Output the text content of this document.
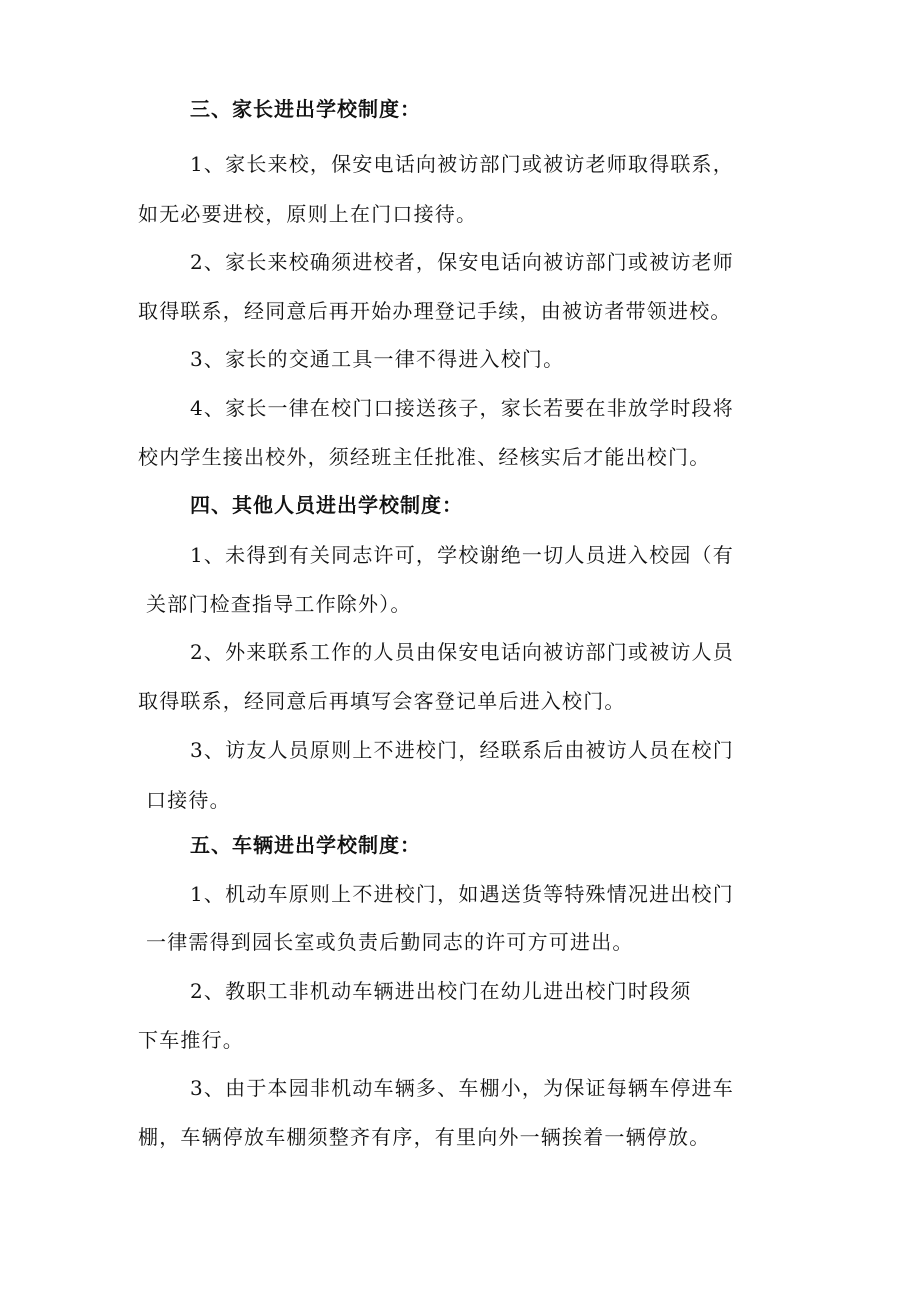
三、家长进出学校制度：
1、家长来校，保安电话向被访部门或被访老师取得联系，
如无必要进校，原则上在门口接待。
2、家长来校确须进校者，保安电话向被访部门或被访老师
取得联系，经同意后再开始办理登记手续，由被访者带领进校。
3、家长的交通工具一律不得进入校门。
4、家长一律在校门口接送孩子，家长若要在非放学时段将
校内学生接出校外，须经班主任批准、经核实后才能出校门。
四、其他人员进出学校制度：
1、未得到有关同志许可，学校谢绝一切人员进入校园（有
关部门检查指导工作除外）。
2、外来联系工作的人员由保安电话向被访部门或被访人员
取得联系，经同意后再填写会客登记单后进入校门。
3、访友人员原则上不进校门，经联系后由被访人员在校门
口接待。
五、车辆进出学校制度：
1、机动车原则上不进校门，如遇送货等特殊情况进出校门
一律需得到园长室或负责后勤同志的许可方可进出。
2、教职工非机动车辆进出校门在幼儿进出校门时段须
下车推行。
3、由于本园非机动车辆多、车棚小，为保证每辆车停进车
棚，车辆停放车棚须整齐有序，有里向外一辆挨着一辆停放。
